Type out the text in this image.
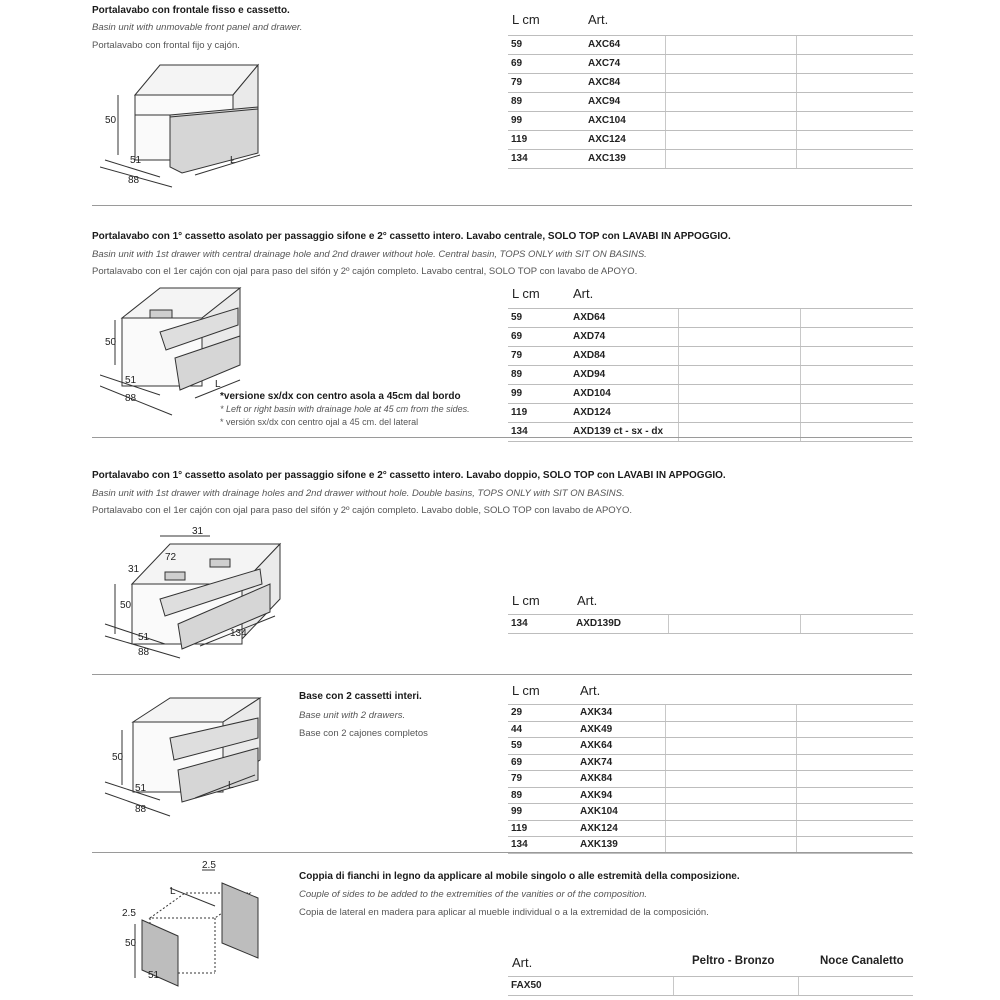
Portalavabo con frontale fisso e cassetto.
Basin unit with unmovable front panel and drawer.
Portalavabo con frontal fijo y cajón.
50
51
88
L
L cm	Art.
59	AXC64
69	AXC74
79	AXC84
89	AXC94
99	AXC104
119	AXC124
134	AXC139
Portalavabo con 1° cassetto asolato per passaggio sifone e 2° cassetto intero. Lavabo centrale, SOLO TOP con LAVABI IN APPOGGIO.
Basin unit with 1st drawer with central drainage hole and 2nd drawer without hole. Central basin, TOPS ONLY with SIT ON BASINS.
Portalavabo con el 1er cajón con ojal para paso del sifón y 2º cajón completo. Lavabo central, SOLO TOP con lavabo de APOYO.
50
51
88
L
*versione sx/dx con centro asola a 45cm dal bordo
* Left or right basin with drainage hole at 45 cm from the sides.
* versión sx/dx con centro ojal a 45 cm. del lateral
L cm	Art.
59	AXD64
69	AXD74
79	AXD84
89	AXD94
99	AXD104
119	AXD124
134	AXD139 ct - sx - dx
Portalavabo con 1° cassetto asolato per passaggio sifone e 2° cassetto intero. Lavabo doppio, SOLO TOP con LAVABI IN APPOGGIO.
Basin unit with 1st drawer with drainage holes and 2nd drawer without hole. Double basins, TOPS ONLY with SIT ON BASINS.
Portalavabo con el 1er cajón con ojal para paso del sifón y 2º cajón completo. Lavabo doble, SOLO TOP con lavabo de APOYO.
31
72
31
50
51
88
134
L cm	Art.
134	AXD139D
Base con 2 cassetti interi.
Base unit with 2 drawers.
Base con 2 cajones completos
50
51
88
L
L cm	Art.
29	AXK34
44	AXK49
59	AXK64
69	AXK74
79	AXK84
89	AXK94
99	AXK104
119	AXK124
134	AXK139
Coppia di fianchi in legno da applicare al mobile singolo o alle estremità della composizione.
Couple of sides to be added to the extremities of the vanities or of the composition.
Copia de lateral en madera para aplicar al mueble individual o a la extremidad de la composición.
2.5
L
2.5
50
51
Art.	Peltro - Bronzo	Noce Canaletto
FAX50
